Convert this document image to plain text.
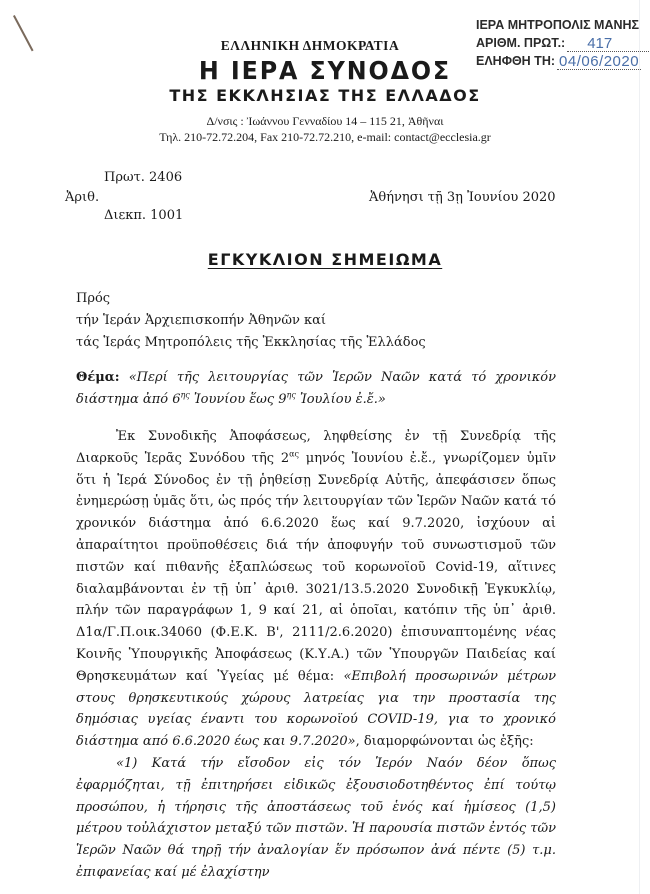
ΙΕΡΑ ΜΗΤΡΟΠΟΛΙΣ ΜΑΝΗΣ
ΑΡΙΘΜ. ΠΡΩΤ.:	417
ΕΛΗΦΘΗ ΤΗ: 04/06/2020
ΕΛΛΗΝΙΚΗ ΔΗΜΟΚΡΑΤΙΑ
Η ΙΕΡΑ ΣΥΝΟΔΟΣ
ΤΗΣ ΕΚΚΛΗΣΙΑΣ ΤΗΣ ΕΛΛΑΔΟΣ
Δ/νσις : Ἰωάννου Γενναδίου 14 – 115 21, Ἀθῆναι
Τηλ. 210-72.72.204, Fax 210-72.72.210, e-mail: contact@ecclesia.gr
Πρωτ. 2406
Ἀριθ.
Διεκπ. 1001
Ἀθήνησι τῇ 3ῃ Ἰουνίου 2020
ΕΓΚΥΚΛΙΟΝ ΣΗΜΕΙΩΜΑ
Πρός
τήν Ἱεράν Ἀρχιεπισκοπήν Ἀθηνῶν καί
τάς Ἱεράς Μητροπόλεις τῆς Ἐκκλησίας τῆς Ἑλλάδος
Θέμα: «Περί τῆς λειτουργίας τῶν Ἱερῶν Ναῶν κατά τό χρονικόν διάστημα ἀπό $6^{\eta\varsigma}$ Ἰουνίου ἕως $9^{\eta\varsigma}$ Ἰουλίου ἐ.ἔ.»

Ἐκ Συνοδικῆς Ἀποφάσεως, ληφθείσης ἐν τῇ Συνεδρίᾳ τῆς Διαρκοῦς Ἱερᾶς Συνόδου τῆς $2^{\alpha\varsigma}$ μηνός Ἰουνίου ἐ.ἔ., γνωρίζομεν ὑμῖν ὅτι ἡ Ἱερά Σύνοδος ἐν τῇ ῥηθείσῃ Συνεδρίᾳ Αὐτῆς, ἀπεφάσισεν ὅπως ἐνημερώσῃ ὑμᾶς ὅτι, ὡς πρός τήν λειτουργίαν τῶν Ἱερῶν Ναῶν κατά τό χρονικόν διάστημα ἀπό 6.6.2020 ἕως καί 9.7.2020, ἰσχύουν αἱ ἀπαραίτητοι προϋποθέσεις διά τήν ἀποφυγήν τοῦ συνωστισμοῦ τῶν πιστῶν καί πιθανῆς ἐξαπλώσεως τοῦ κορωνοϊοῦ Covid-19, αἵτινες διαλαμβάνονται ἐν τῇ ὑπ᾽ ἀριθ. 3021/13.5.2020 Συνοδικῇ Ἐγκυκλίῳ, πλήν τῶν παραγράφων 1, 9 καί 21, αἱ ὁποῖαι, κατόπιν τῆς ὑπ᾽ ἀριθ. Δ1α/Γ.Π.οικ.34060 (Φ.Ε.Κ. Β', 2111/2.6.2020) ἐπισυναπτομένης νέας Κοινῆς Ὑπουργικῆς Ἀποφάσεως (Κ.Υ.Α.) τῶν Ὑπουργῶν Παιδείας καί Θρησκευμάτων καί Ὑγείας μέ θέμα: «Επιβολή προσωρινών μέτρων στους θρησκευτικούς χώρους λατρείας για την προστασία της δημόσιας υγείας έναντι του κορωνοϊού COVID-19, για το χρονικό διάστημα από 6.6.2020 έως και 9.7.2020», διαμορφώνονται ὡς ἑξῆς:

«1) Κατά τήν εἴσοδον εἰς τόν Ἱερόν Ναόν δέον ὅπως ἐφαρμόζηται, τῇ ἐπιτηρήσει εἰδικῶς ἐξουσιοδοτηθέντος ἐπί τούτῳ προσώπου, ἡ τήρησις τῆς ἀποστάσεως τοῦ ἑνός καί ἡμίσεος (1,5) μέτρου τοὐλάχιστον μεταξύ τῶν πιστῶν. Ἡ παρουσία πιστῶν ἐντός τῶν Ἱερῶν Ναῶν θά τηρῇ τήν ἀναλογίαν ἕν πρόσωπον ἀνά πέντε (5) τ.μ. ἐπιφανείας καί μέ ἐλαχίστην
